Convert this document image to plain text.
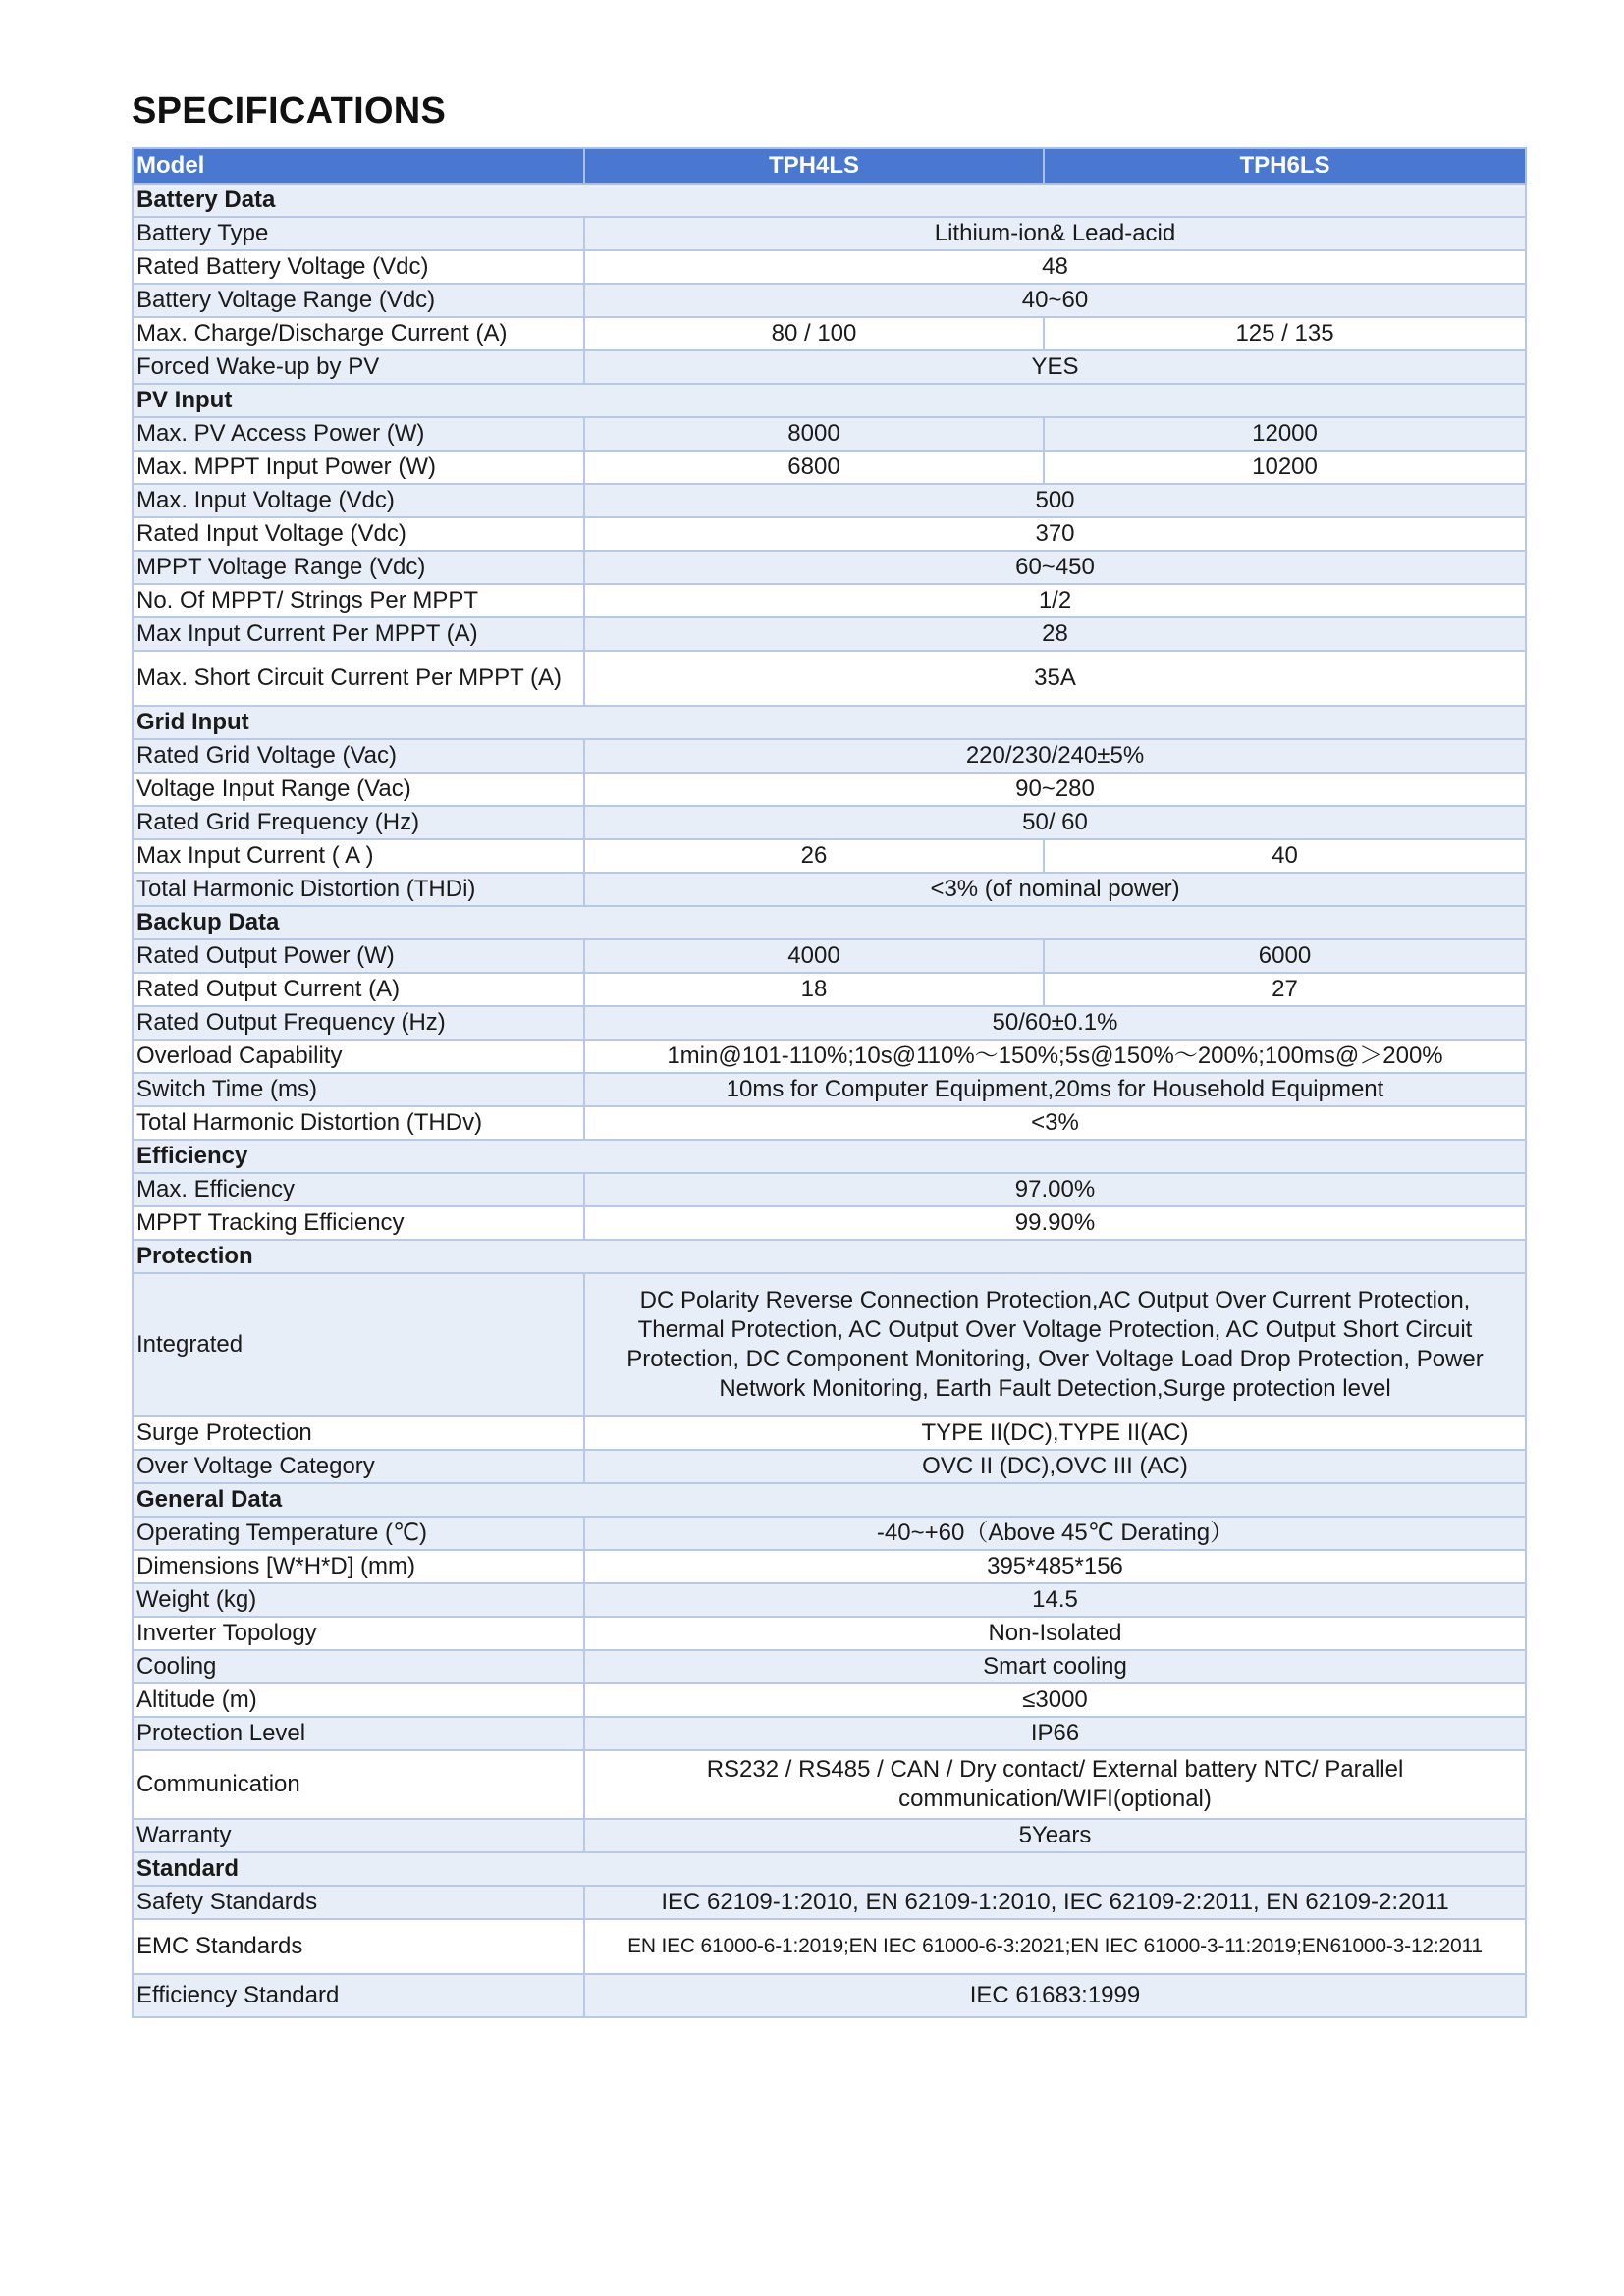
SPECIFICATIONS
Model	TPH4LS	TPH6LS
Battery Data		
Battery Type	Lithium-ion& Lead-acid	
Rated Battery Voltage (Vdc)	48	
Battery Voltage Range (Vdc)	40~60	
Max. Charge/Discharge Current (A)	80 / 100	125 / 135
Forced Wake-up by PV	YES	
PV Input		
Max. PV Access Power (W)	8000	12000
Max. MPPT Input Power (W)	6800	10200
Max. Input Voltage (Vdc)	500	
Rated Input Voltage (Vdc)	370	
MPPT Voltage Range (Vdc)	60~450	
No. Of MPPT/ Strings Per MPPT	1/2	
Max Input Current Per MPPT (A)	28	
Max. Short Circuit Current Per MPPT (A)	35A	
Grid Input		
Rated Grid Voltage (Vac)	220/230/240±5%	
Voltage Input Range (Vac)	90~280	
Rated Grid Frequency (Hz)	50/ 60	
Max Input Current ( A )	26	40
Total Harmonic Distortion (THDi)	<3% (of nominal power)	
Backup Data		
Rated Output Power (W)	4000	6000
Rated Output Current (A)	18	27
Rated Output Frequency (Hz)	50/60±0.1%	
Overload Capability	1min@101-110%;10s@110%～150%;5s@150%～200%;100ms@＞200%	
Switch Time (ms)	10ms for Computer Equipment,20ms for Household Equipment	
Total Harmonic Distortion (THDv)	<3%	
Efficiency		
Max. Efficiency	97.00%	
MPPT Tracking Efficiency	99.90%	
Protection		
Integrated	DC Polarity Reverse Connection Protection,AC Output Over Current Protection, Thermal Protection, AC Output Over Voltage Protection, AC Output Short Circuit Protection, DC Component Monitoring, Over Voltage Load Drop Protection, Power Network Monitoring, Earth Fault Detection,Surge protection level	
Surge Protection	TYPE II(DC),TYPE II(AC)	
Over Voltage Category	OVC II (DC),OVC III (AC)	
General Data		
Operating Temperature (℃)	-40~+60（Above 45℃ Derating）	
Dimensions [W*H*D] (mm)	395*485*156	
Weight (kg)	14.5	
Inverter Topology	Non-Isolated	
Cooling	Smart cooling	
Altitude (m)	≤3000	
Protection Level	IP66	
Communication	RS232 / RS485 / CAN / Dry contact/ External battery NTC/ Parallel communication/WIFI(optional)	
Warranty	5Years	
Standard		
Safety Standards	IEC 62109-1:2010, EN 62109-1:2010, IEC 62109-2:2011, EN 62109-2:2011	
EMC Standards	EN IEC 61000-6-1:2019;EN IEC 61000-6-3:2021;EN IEC 61000-3-11:2019;EN61000-3-12:2011	
Efficiency Standard	IEC 61683:1999	
